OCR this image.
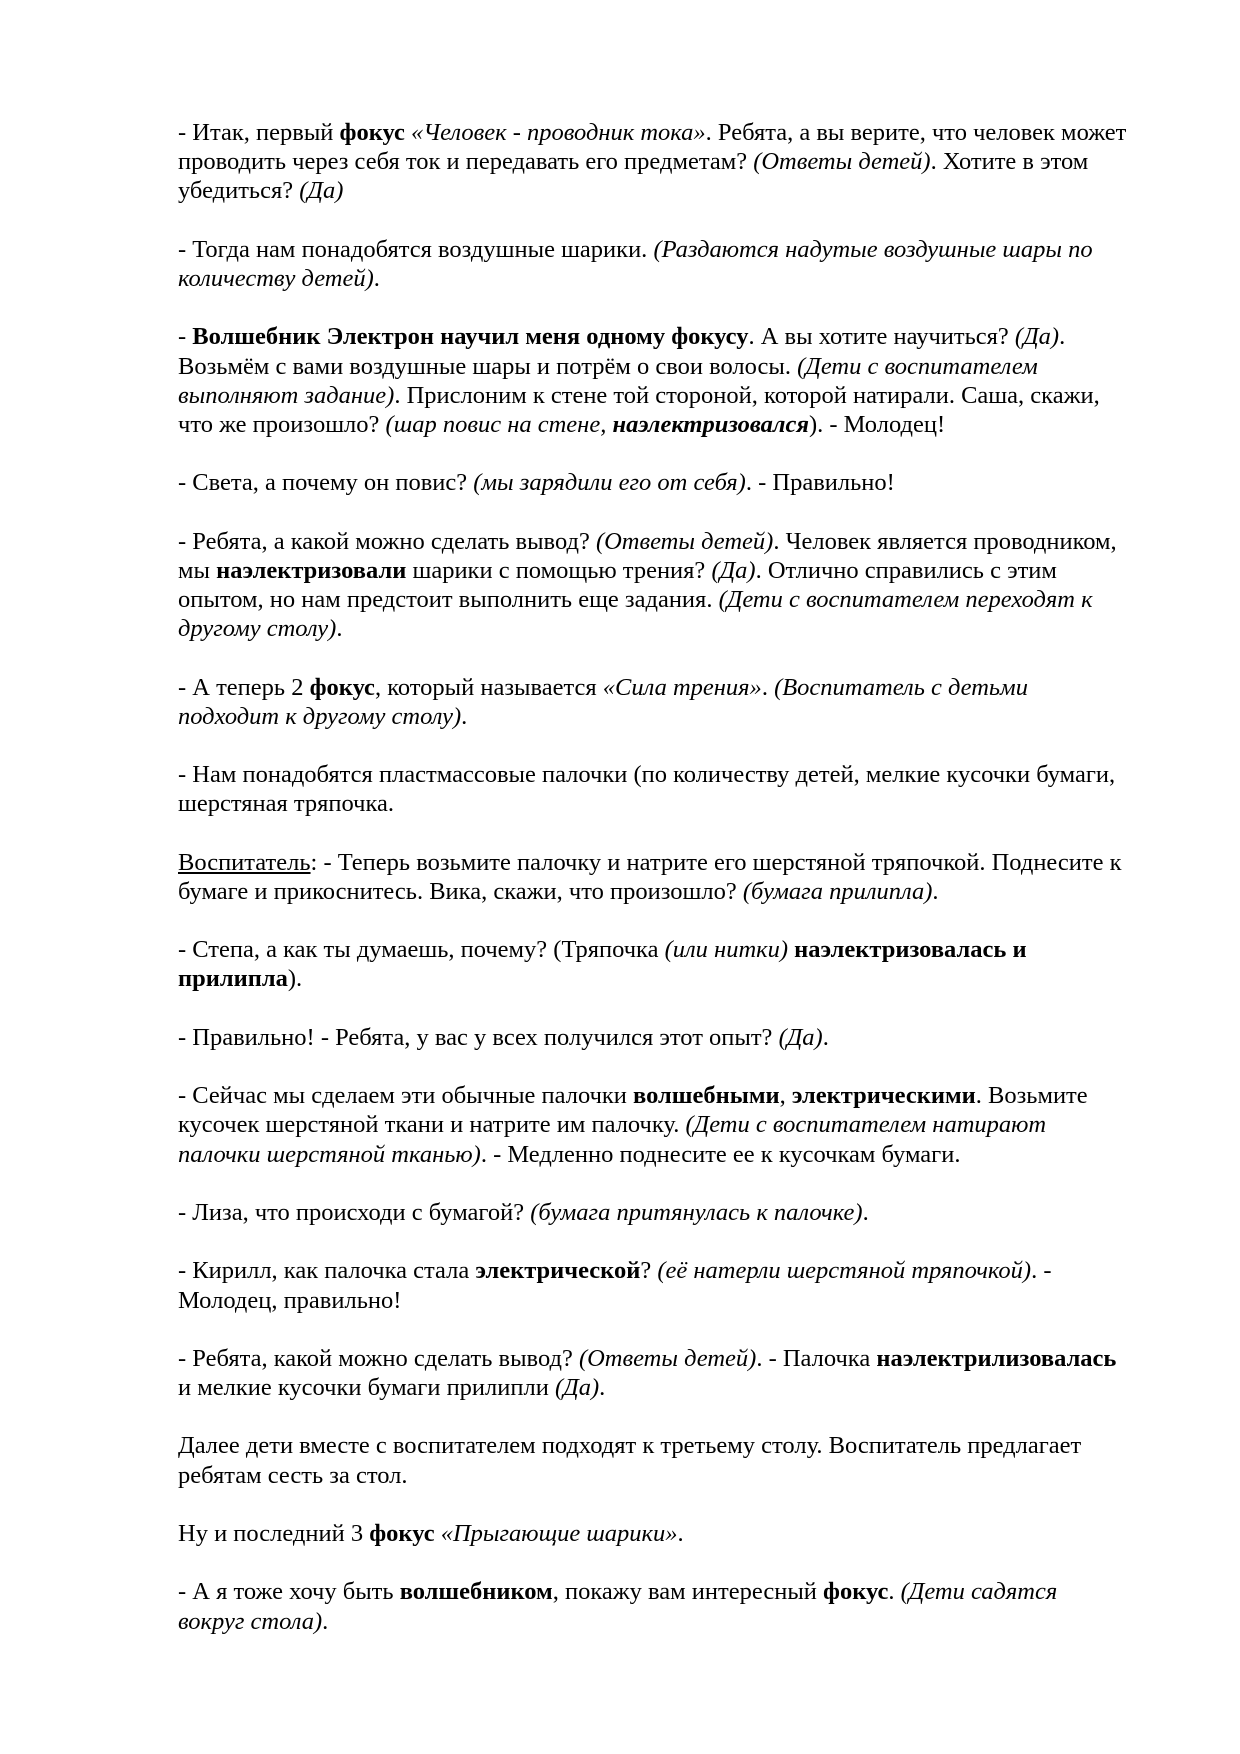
- Итак, первый фокус «Человек - проводник тока». Ребята, а вы верите, что человек может
проводить через себя ток и передавать его предметам? (Ответы детей). Хотите в этом
убедиться? (Да)
- Тогда нам понадобятся воздушные шарики. (Раздаются надутые воздушные шары по
количеству детей).
- Волшебник Электрон научил меня одному фокусу. А вы хотите научиться? (Да).
Возьмём с вами воздушные шары и потрём о свои волосы. (Дети с воспитателем
выполняют задание). Прислоним к стене той стороной, которой натирали. Саша, скажи,
что же произошло? (шар повис на стене, наэлектризовался). - Молодец!
- Света, а почему он повис? (мы зарядили его от себя). - Правильно!
- Ребята, а какой можно сделать вывод? (Ответы детей). Человек является проводником,
мы наэлектризовали шарики с помощью трения? (Да). Отлично справились с этим
опытом, но нам предстоит выполнить еще задания. (Дети с воспитателем переходят к
другому столу).
- А теперь 2 фокус, который называется «Сила трения». (Воспитатель с детьми
подходит к другому столу).
- Нам понадобятся пластмассовые палочки (по количеству детей, мелкие кусочки бумаги,
шерстяная тряпочка.
Воспитатель: - Теперь возьмите палочку и натрите его шерстяной тряпочкой. Поднесите к
бумаге и прикоснитесь. Вика, скажи, что произошло? (бумага прилипла).
- Степа, а как ты думаешь, почему? (Тряпочка (или нитки) наэлектризовалась и
прилипла).
- Правильно! - Ребята, у вас у всех получился этот опыт? (Да).
- Сейчас мы сделаем эти обычные палочки волшебными, электрическими. Возьмите
кусочек шерстяной ткани и натрите им палочку. (Дети с воспитателем натирают
палочки шерстяной тканью). - Медленно поднесите ее к кусочкам бумаги.
- Лиза, что происходи с бумагой? (бумага притянулась к палочке).
- Кирилл, как палочка стала электрической? (её натерли шерстяной тряпочкой). -
Молодец, правильно!
- Ребята, какой можно сделать вывод? (Ответы детей). - Палочка наэлектрилизовалась
и мелкие кусочки бумаги прилипли (Да).
Далее дети вместе с воспитателем подходят к третьему столу. Воспитатель предлагает
ребятам сесть за стол.
Ну и последний 3 фокус «Прыгающие шарики».
- А я тоже хочу быть волшебником, покажу вам интересный фокус. (Дети садятся
вокруг стола).
